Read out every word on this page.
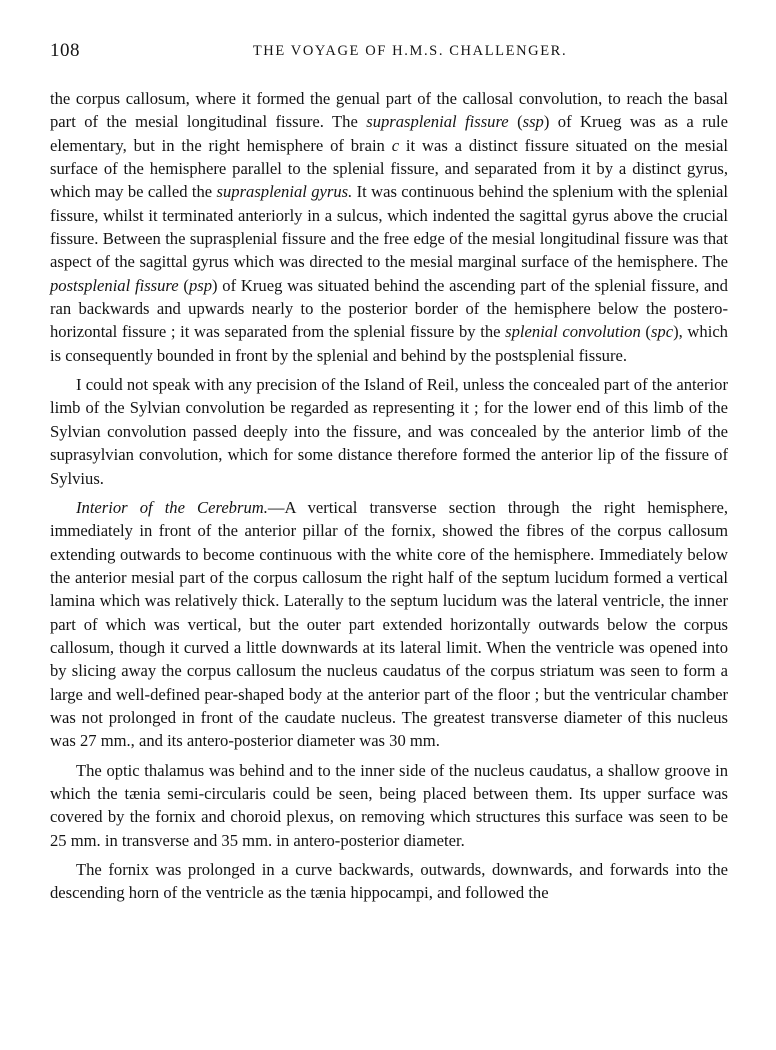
108	THE VOYAGE OF H.M.S. CHALLENGER.

the corpus callosum, where it formed the genual part of the callosal convolution, to reach the basal part of the mesial longitudinal fissure. The suprasplenial fissure (ssp) of Krueg was as a rule elementary, but in the right hemisphere of brain c it was a distinct fissure situated on the mesial surface of the hemisphere parallel to the splenial fissure, and separated from it by a distinct gyrus, which may be called the suprasplenial gyrus. It was continuous behind the splenium with the splenial fissure, whilst it terminated anteriorly in a sulcus, which indented the sagittal gyrus above the crucial fissure. Between the suprasplenial fissure and the free edge of the mesial longitudinal fissure was that aspect of the sagittal gyrus which was directed to the mesial marginal surface of the hemisphere. The postsplenial fissure (psp) of Krueg was situated behind the ascending part of the splenial fissure, and ran backwards and upwards nearly to the posterior border of the hemisphere below the postero-horizontal fissure ; it was separated from the splenial fissure by the splenial convolution (spc), which is consequently bounded in front by the splenial and behind by the postsplenial fissure.

I could not speak with any precision of the Island of Reil, unless the concealed part of the anterior limb of the Sylvian convolution be regarded as representing it ; for the lower end of this limb of the Sylvian convolution passed deeply into the fissure, and was concealed by the anterior limb of the suprasylvian convolution, which for some distance therefore formed the anterior lip of the fissure of Sylvius.

Interior of the Cerebrum.—A vertical transverse section through the right hemisphere, immediately in front of the anterior pillar of the fornix, showed the fibres of the corpus callosum extending outwards to become continuous with the white core of the hemisphere. Immediately below the anterior mesial part of the corpus callosum the right half of the septum lucidum formed a vertical lamina which was relatively thick. Laterally to the septum lucidum was the lateral ventricle, the inner part of which was vertical, but the outer part extended horizontally outwards below the corpus callosum, though it curved a little downwards at its lateral limit. When the ventricle was opened into by slicing away the corpus callosum the nucleus caudatus of the corpus striatum was seen to form a large and well-defined pear-shaped body at the anterior part of the floor ; but the ventricular chamber was not prolonged in front of the caudate nucleus. The greatest transverse diameter of this nucleus was 27 mm., and its antero-posterior diameter was 30 mm.

The optic thalamus was behind and to the inner side of the nucleus caudatus, a shallow groove in which the tænia semi-circularis could be seen, being placed between them. Its upper surface was covered by the fornix and choroid plexus, on removing which structures this surface was seen to be 25 mm. in transverse and 35 mm. in antero-posterior diameter.

The fornix was prolonged in a curve backwards, outwards, downwards, and forwards into the descending horn of the ventricle as the tænia hippocampi, and followed the
